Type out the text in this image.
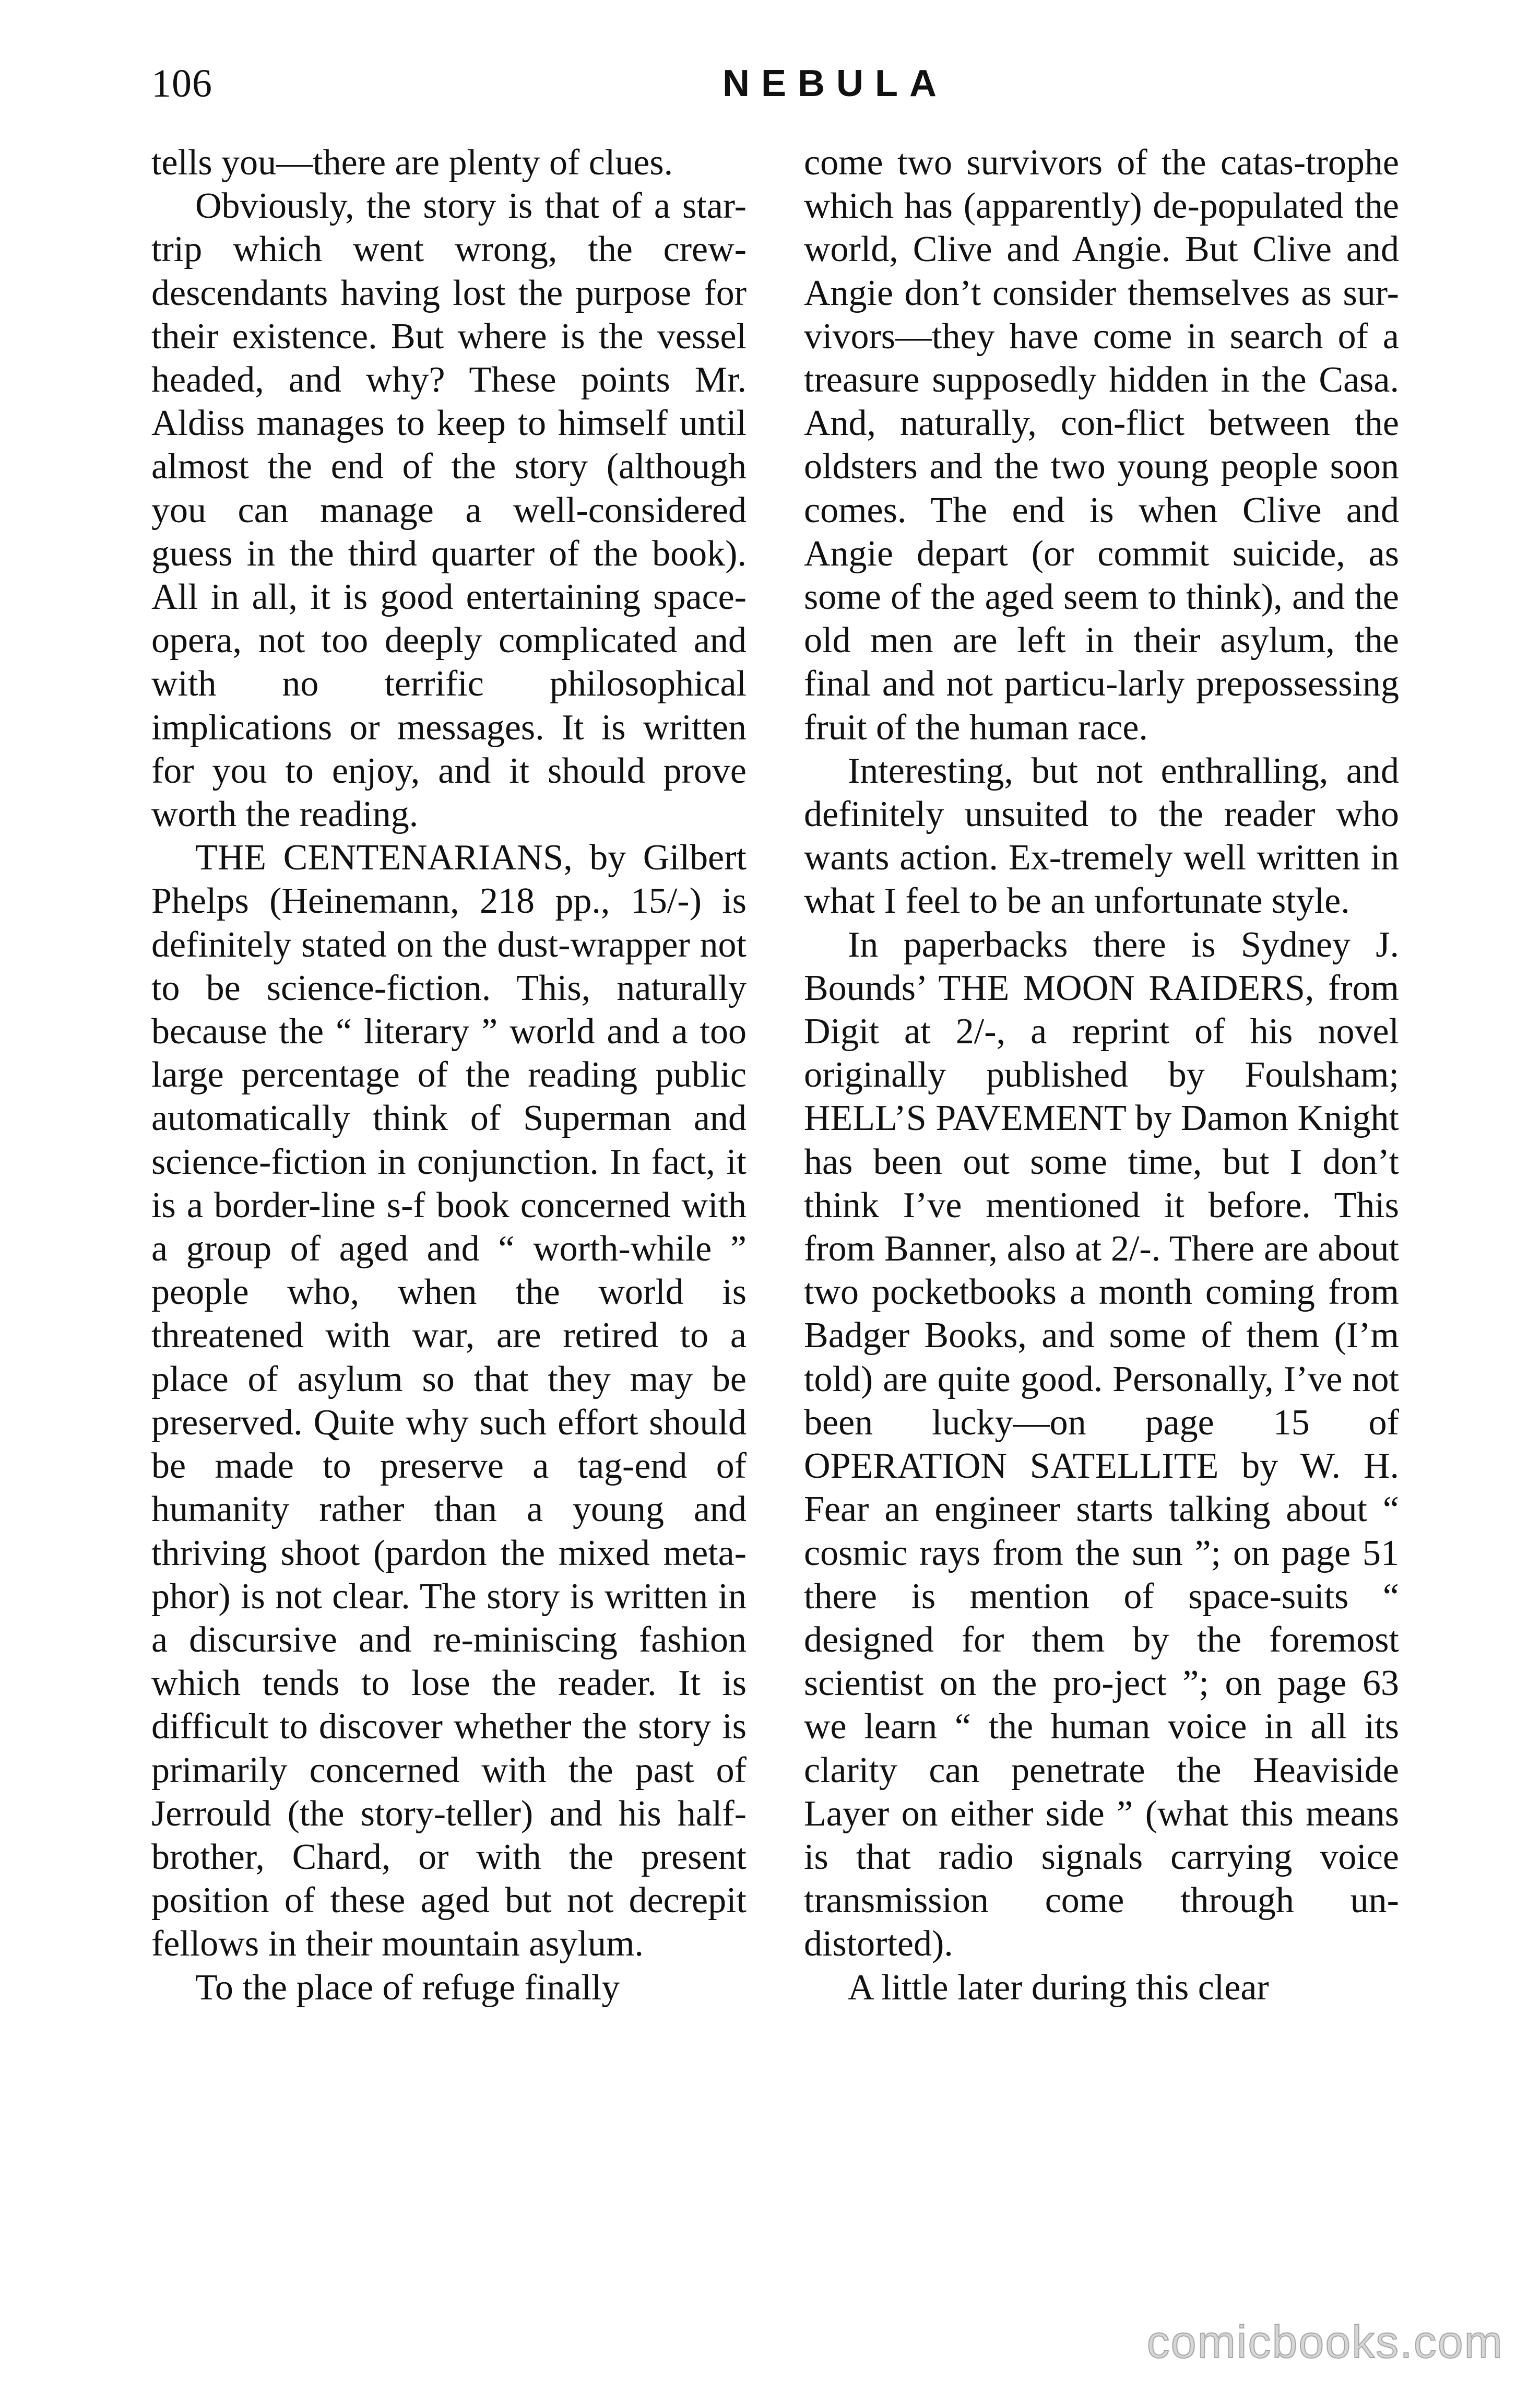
106	NEBULA

tells you—there are plenty of clues.

Obviously, the story is that of a star-trip which went wrong, the crew-descendants having lost the purpose for their existence. But where is the vessel headed, and why? These points Mr. Aldiss manages to keep to himself until almost the end of the story (although you can manage a well-considered guess in the third quarter of the book). All in all, it is good entertaining space-opera, not too deeply complicated and with no terrific philosophical implications or messages. It is written for you to enjoy, and it should prove worth the reading.

THE CENTENARIANS, by Gilbert Phelps (Heinemann, 218 pp., 15/-) is definitely stated on the dust-wrapper not to be science-fiction. This, naturally because the “ literary ” world and a too large percentage of the reading public automatically think of Superman and science-fiction in conjunction. In fact, it is a border-line s-f book concerned with a group of aged and “ worth-while ” people who, when the world is threatened with war, are retired to a place of asylum so that they may be preserved. Quite why such effort should be made to preserve a tag-end of humanity rather than a young and thriving shoot (pardon the mixed meta-phor) is not clear. The story is written in a discursive and re-miniscing fashion which tends to lose the reader. It is difficult to discover whether the story is primarily concerned with the past of Jerrould (the story-teller) and his half-brother, Chard, or with the present position of these aged but not decrepit fellows in their mountain asylum.

To the place of refuge finally

come two survivors of the catas-trophe which has (apparently) de-populated the world, Clive and Angie. But Clive and Angie don’t consider themselves as sur-vivors—they have come in search of a treasure supposedly hidden in the Casa. And, naturally, con-flict between the oldsters and the two young people soon comes. The end is when Clive and Angie depart (or commit suicide, as some of the aged seem to think), and the old men are left in their asylum, the final and not particu-larly prepossessing fruit of the human race.

Interesting, but not enthralling, and definitely unsuited to the reader who wants action. Ex-tremely well written in what I feel to be an unfortunate style.

In paperbacks there is Sydney J. Bounds’ THE MOON RAIDERS, from Digit at 2/-, a reprint of his novel originally published by Foulsham; HELL’S PAVEMENT by Damon Knight has been out some time, but I don’t think I’ve mentioned it before. This from Banner, also at 2/-. There are about two pocketbooks a month coming from Badger Books, and some of them (I’m told) are quite good. Personally, I’ve not been lucky—on page 15 of OPERATION SATELLITE by W. H. Fear an engineer starts talking about “ cosmic rays from the sun ”; on page 51 there is mention of space-suits “ designed for them by the foremost scientist on the pro-ject ”; on page 63 we learn “ the human voice in all its clarity can penetrate the Heaviside Layer on either side ” (what this means is that radio signals carrying voice transmission come through un-distorted).

A little later during this clear

comicbooks.com
